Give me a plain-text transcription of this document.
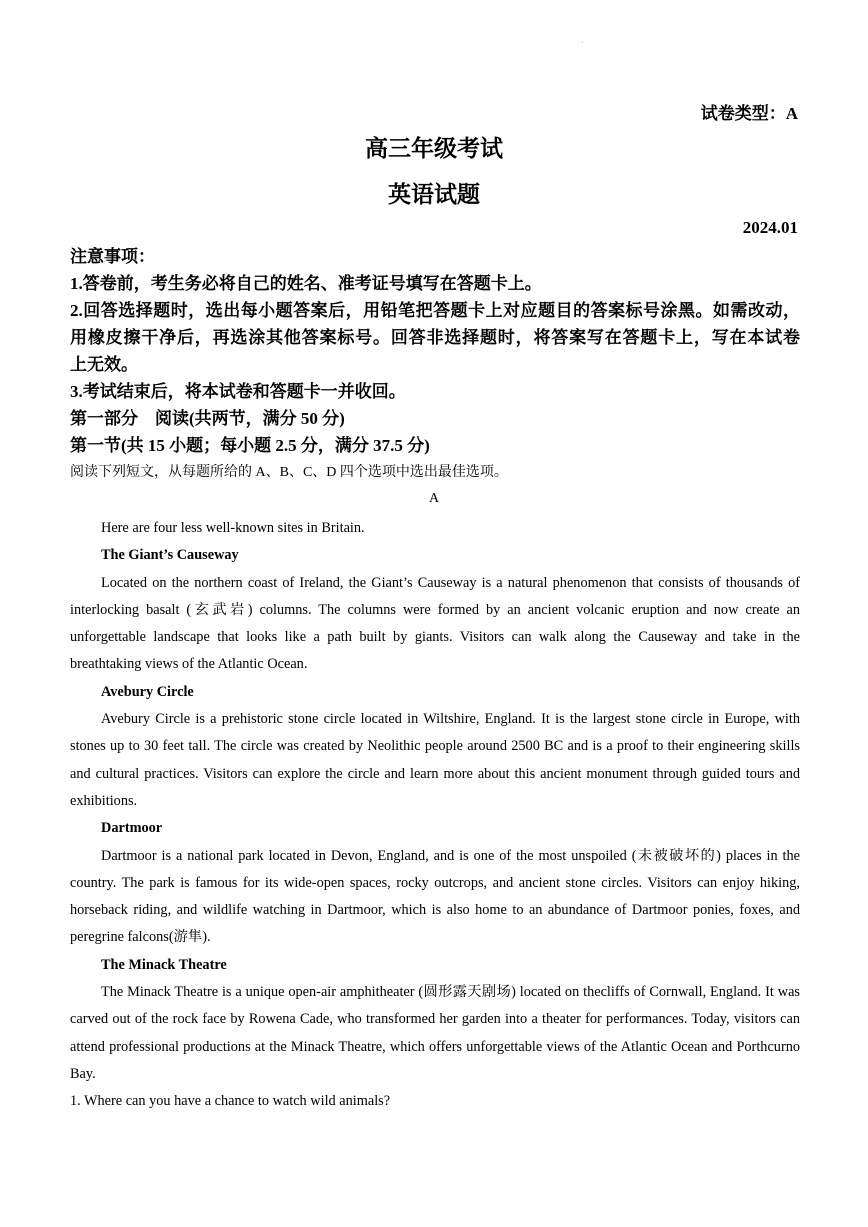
·
试卷类型：A
高三年级考试
英语试题
2024.01

注意事项：

1.答卷前，考生务必将自己的姓名、准考证号填写在答题卡上。

2.回答选择题时，选出每小题答案后，用铅笔把答题卡上对应题目的答案标号涂黑。如需改动，

用橡皮擦干净后，再选涂其他答案标号。回答非选择题时，将答案写在答题卡上，写在本试卷

上无效。

3.考试结束后，将本试卷和答题卡一并收回。

第一部分　阅读(共两节，满分 50 分)

第一节(共 15 小题；每小题 2.5 分，满分 37.5 分)

阅读下列短文，从每题所给的 A、B、C、D 四个选项中选出最佳选项。
A

Here are four less well-known sites in Britain.

The Giant’s Causeway

Located on the northern coast of Ireland, the Giant’s Causeway is a natural phenomenon that consists of thousands of interlocking basalt (玄武岩) columns. The columns were formed by an ancient volcanic eruption and now create an unforgettable landscape that looks like a path built by giants. Visitors can walk along the Causeway and take in the breathtaking views of the Atlantic Ocean.

Avebury Circle

Avebury Circle is a prehistoric stone circle located in Wiltshire, England. It is the largest stone circle in Europe, with stones up to 30 feet tall. The circle was created by Neolithic people around 2500 BC and is a proof to their engineering skills and cultural practices. Visitors can explore the circle and learn more about this ancient monument through guided tours and exhibitions.

Dartmoor

Dartmoor is a national park located in Devon, England, and is one of the most unspoiled (未被破坏的) places in the country. The park is famous for its wide-open spaces, rocky outcrops, and ancient stone circles. Visitors can enjoy hiking, horseback riding, and wildlife watching in Dartmoor, which is also home to an abundance of Dartmoor ponies, foxes, and peregrine falcons(游隼).

The Minack Theatre

The Minack Theatre is a unique open-air amphitheater (圆形露天剧场) located on thecliffs of Cornwall, England. It was carved out of the rock face by Rowena Cade, who transformed her garden into a theater for performances. Today, visitors can attend professional productions at the Minack Theatre, which offers unforgettable views of the Atlantic Ocean and Porthcurno Bay.

1. Where can you have a chance to watch wild animals?
